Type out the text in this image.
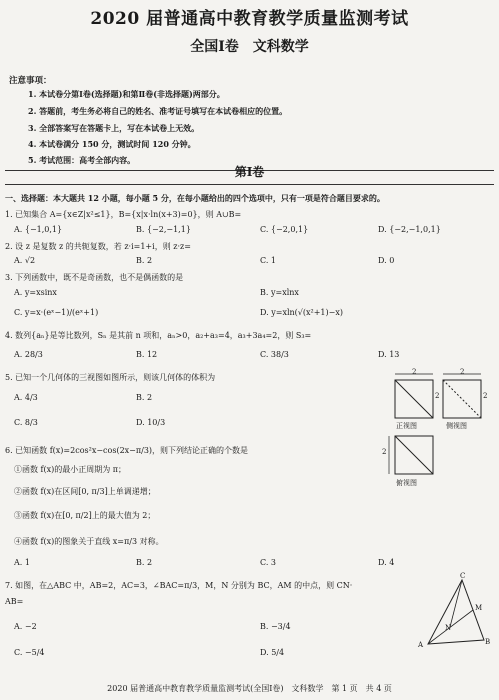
2020 届普通高中教育教学质量监测考试
全国Ⅰ卷　文科数学
注意事项：
1. 本试卷分第Ⅰ卷(选择题)和第Ⅱ卷(非选择题)两部分。
2. 答题前，考生务必将自己的姓名、准考证号填写在本试卷相应的位置。
3. 全部答案写在答题卡上，写在本试卷上无效。
4. 本试卷满分 150 分，测试时间 120 分钟。
5. 考试范围：高考全部内容。
第Ⅰ卷
一、选择题：本大题共 12 小题，每小题 5 分，在每小题给出的四个选项中，只有一项是符合题目要求的。
1. 已知集合 A={x∈Z|x²≤1}，B={x|x·ln(x+3)=0}，则 A∪B=
A. {−1,0,1}	B. {−2,−1,1}	C. {−2,0,1}	D. {−2,−1,0,1}
2. 设 z 是复数 z 的共轭复数，若 z·i=1+i，则 z·z=
A. √2	B. 2	C. 1	D. 0
3. 下列函数中，既不是奇函数，也不是偶函数的是
A. y=xsinx	B. y=xlnx
C. y=x·(eˣ−1)/(eˣ+1)	D. y=xln(√(x²+1)−x)
4. 数列{aₙ}是等比数列，Sₙ 是其前 n 项和，aₙ>0，a₂+a₃=4，a₃+3a₄=2，则 S₃=
A. 28/3	B. 12	C. 38/3	D. 13
5. 已知一个几何体的三视图如图所示，则该几何体的体积为
A. 4/3	B. 2
C. 8/3	D. 10/3
2	2
2	2
2
正视图	侧视图
俯视图
6. 已知函数 f(x)=2cos²x−cos(2x−π/3)，则下列结论正确的个数是
①函数 f(x)的最小正周期为 π；
②函数 f(x)在区间[0, π/3]上单调递增；
③函数 f(x)在[0, π/2]上的最大值为 2；
④函数 f(x)的图象关于直线 x=π/3 对称。
A. 1	B. 2	C. 3	D. 4
7. 如图，在△ABC 中，AB=2，AC=3，∠BAC=π/3，M，N 分别为 BC，AM 的中点，则 CN·
AB=
A. −2	B. −3/4
C. −5/4	D. 5/4
C
M
N
A	B
2020 届普通高中教育教学质量监测考试(全国Ⅰ卷)　文科数学　第 1 页　共 4 页
